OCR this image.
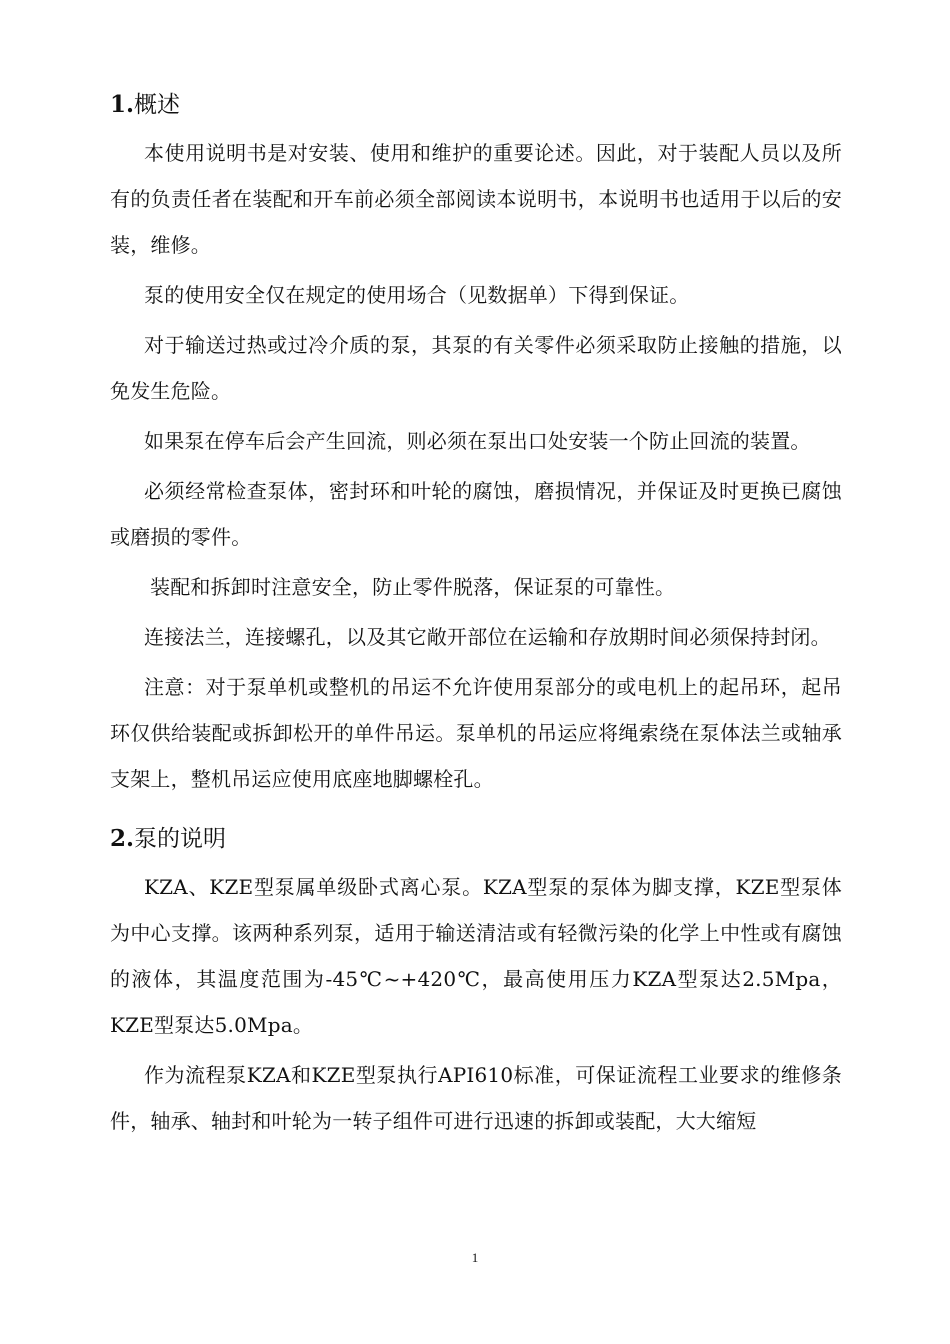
1.概述

本使用说明书是对安装、使用和维护的重要论述。因此，对于装配人员以及所有的负责任者在装配和开车前必须全部阅读本说明书，本说明书也适用于以后的安装，维修。

泵的使用安全仅在规定的使用场合（见数据单）下得到保证。

对于输送过热或过冷介质的泵，其泵的有关零件必须采取防止接触的措施，以免发生危险。

如果泵在停车后会产生回流，则必须在泵出口处安装一个防止回流的装置。

必须经常检查泵体，密封环和叶轮的腐蚀，磨损情况，并保证及时更换已腐蚀或磨损的零件。

装配和拆卸时注意安全，防止零件脱落，保证泵的可靠性。

连接法兰，连接螺孔，以及其它敞开部位在运输和存放期时间必须保持封闭。

注意：对于泵单机或整机的吊运不允许使用泵部分的或电机上的起吊环，起吊环仅供给装配或拆卸松开的单件吊运。泵单机的吊运应将绳索绕在泵体法兰或轴承支架上，整机吊运应使用底座地脚螺栓孔。

2.泵的说明

KZA、KZE型泵属单级卧式离心泵。KZA型泵的泵体为脚支撑，KZE型泵体为中心支撑。该两种系列泵，适用于输送清洁或有轻微污染的化学上中性或有腐蚀的液体，其温度范围为-45℃~+420℃，最高使用压力KZA型泵达2.5Mpa，KZE型泵达5.0Mpa。

作为流程泵KZA和KZE型泵执行API610标准，可保证流程工业要求的维修条件，轴承、轴封和叶轮为一转子组件可进行迅速的拆卸或装配，大大缩短

1
